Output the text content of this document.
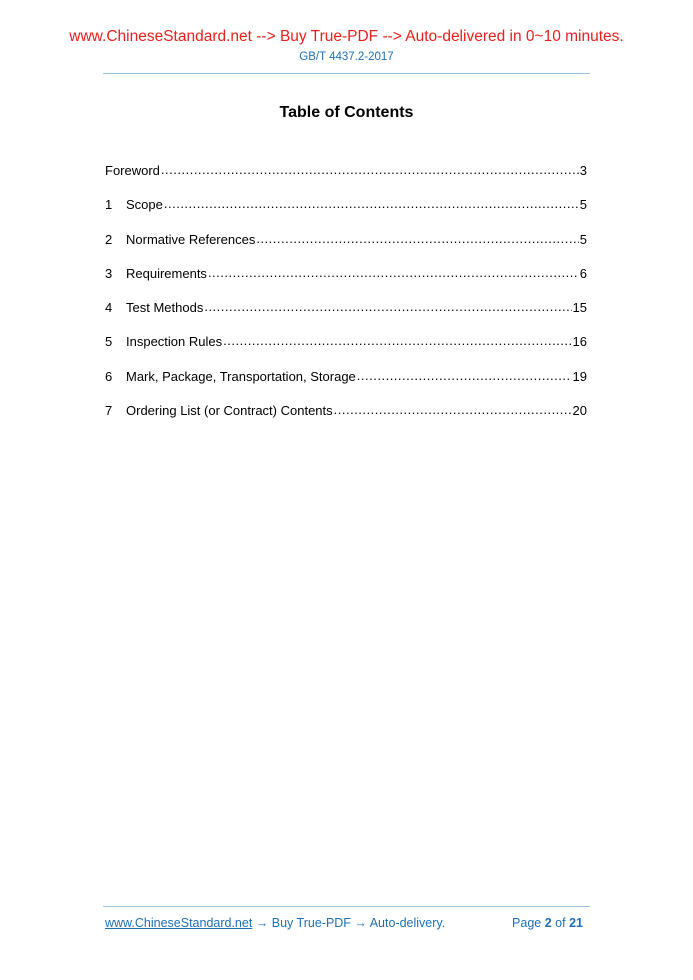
www.ChineseStandard.net --> Buy True-PDF --> Auto-delivered in 0~10 minutes.
GB/T 4437.2-2017
Table of Contents
Foreword .....	3
1	Scope .....	5
2	Normative References .....	5
3	Requirements .....	6
4	Test Methods .....	15
5	Inspection Rules .....	16
6	Mark, Package, Transportation, Storage .....	19
7	Ordering List (or Contract) Contents .....	20
www.ChineseStandard.net → Buy True-PDF → Auto-delivery.	Page 2 of 21
